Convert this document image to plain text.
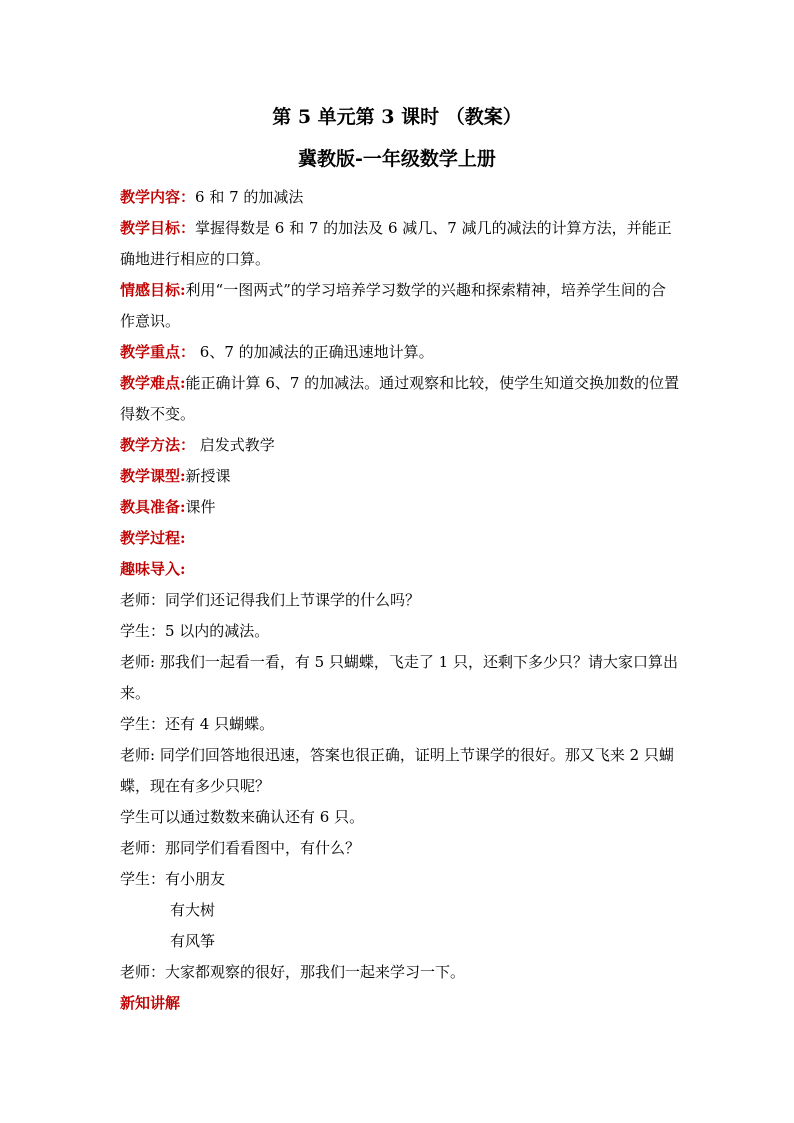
第 5 单元第 3 课时 （教案）
冀教版-一年级数学上册

教学内容：6 和 7 的加减法

教学目标：掌握得数是 6 和 7 的加法及 6 减几、7 减几的减法的计算方法，并能正确地进行相应的口算。

情感目标:利用“一图两式”的学习培养学习数学的兴趣和探索精神，培养学生间的合作意识。

教学重点： 6、7 的加减法的正确迅速地计算。

教学难点:能正确计算 6、7 的加减法。通过观察和比较，使学生知道交换加数的位置得数不变。

教学方法： 启发式教学

教学课型:新授课

教具准备:课件

教学过程:

趣味导入:

老师：同学们还记得我们上节课学的什么吗？

学生：5 以内的减法。

老师: 那我们一起看一看，有 5 只蝴蝶，飞走了 1 只，还剩下多少只？请大家口算出来。

学生：还有 4 只蝴蝶。

老师: 同学们回答地很迅速，答案也很正确，证明上节课学的很好。那又飞来 2 只蝴蝶，现在有多少只呢？

学生可以通过数数来确认还有 6 只。

老师：那同学们看看图中，有什么？

学生：有小朋友

有大树

有风筝

老师：大家都观察的很好，那我们一起来学习一下。

新知讲解
